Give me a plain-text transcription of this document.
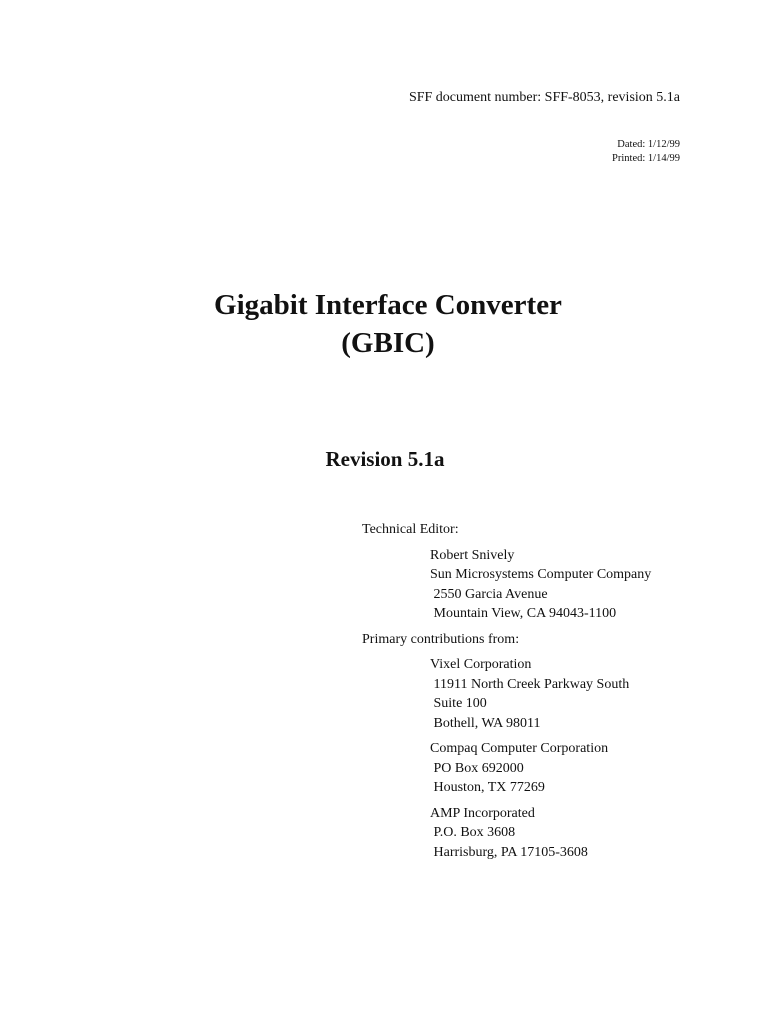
SFF document number: SFF-8053, revision 5.1a
Dated: 1/12/99
Printed: 1/14/99
Gigabit Interface Converter
(GBIC)
Revision 5.1a
Technical Editor:
Robert Snively
Sun Microsystems Computer Company
2550 Garcia Avenue
Mountain View, CA 94043-1100
Primary contributions from:
Vixel Corporation
11911 North Creek Parkway South
Suite 100
Bothell, WA 98011
Compaq Computer Corporation
PO Box 692000
Houston, TX 77269
AMP Incorporated
P.O. Box 3608
Harrisburg, PA 17105-3608
